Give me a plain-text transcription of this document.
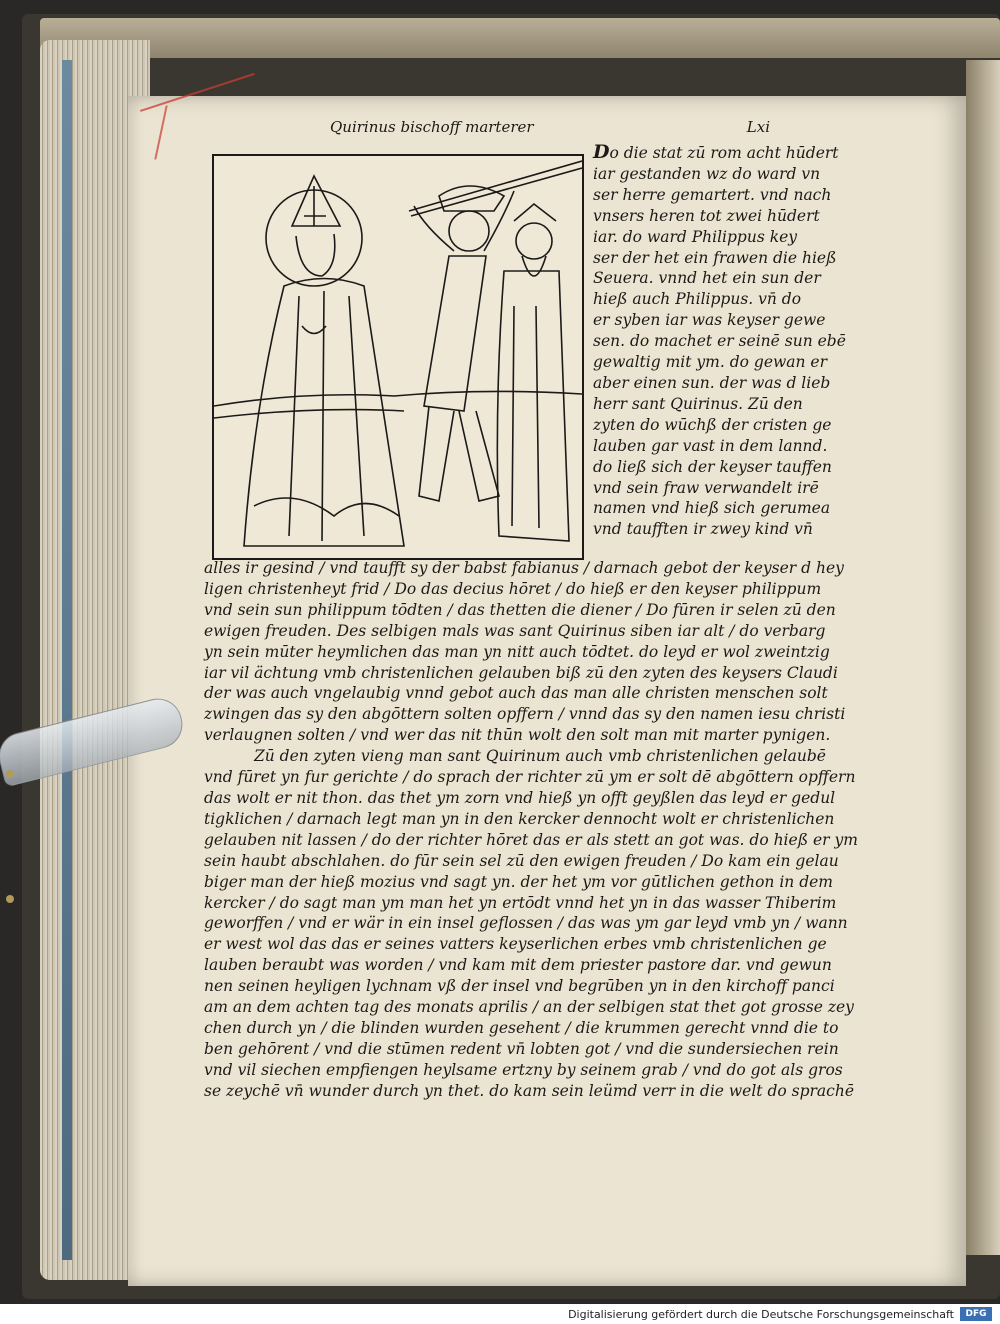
Quirinus bischoff marterer	Lxi
Do die stat zū rom acht hūdert
iar gestanden wz do ward vn
ser herre gemartert. vnd nach
vnsers heren tot zwei hūdert
iar. do ward Philippus key
ser der het ein frawen die hieß
Seuera. vnnd het ein sun der
hieß auch Philippus. vn̄ do
er syben iar was keyser gewe
sen. do machet er seinē sun ebē
gewaltig mit ym. do gewan er
aber einen sun. der was d lieb
herr sant Quirinus. Zū den
zyten do wūchß der cristen ge
lauben gar vast in dem lannd.
do ließ sich der keyser tauffen
vnd sein fraw verwandelt irē
namen vnd hieß sich gerumea
vnd taufften ir zwey kind vn̄
alles ir gesind / vnd taufft sy der babst fabianus / darnach gebot der keyser d hey
ligen christenheyt frid / Do das decius hōret / do hieß er den keyser philippum
vnd sein sun philippum tōdten / das thetten die diener / Do fūren ir selen zū den
ewigen freuden. Des selbigen mals was sant Quirinus siben iar alt / do verbarg
yn sein mūter heymlichen das man yn nitt auch tōdtet. do leyd er wol zweintzig
iar vil ächtung vmb christenlichen gelauben biß zū den zyten des keysers Claudi
der was auch vngelaubig vnnd gebot auch das man alle christen menschen solt
zwingen das sy den abgōttern solten opffern / vnnd das sy den namen iesu christi
verlaugnen solten / vnd wer das nit thūn wolt den solt man mit marter pynigen.
Zū den zyten vieng man sant Quirinum auch vmb christenlichen gelaubē
vnd fūret yn fur gerichte / do sprach der richter zū ym er solt dē abgōttern opffern
das wolt er nit thon. das thet ym zorn vnd hieß yn offt geyßlen das leyd er gedul
tigklichen / darnach legt man yn in den kercker dennocht wolt er christenlichen
gelauben nit lassen / do der richter hōret das er als stett an got was. do hieß er ym
sein haubt abschlahen. do fūr sein sel zū den ewigen freuden / Do kam ein gelau
biger man der hieß mozius vnd sagt yn. der het ym vor gūtlichen gethon in dem
kercker / do sagt man ym man het yn ertōdt vnnd het yn in das wasser Thiberim
geworffen / vnd er wär in ein insel geflossen / das was ym gar leyd vmb yn / wann
er west wol das das er seines vatters keyserlichen erbes vmb christenlichen ge
lauben beraubt was worden / vnd kam mit dem priester pastore dar. vnd gewun
nen seinen heyligen lychnam vß der insel vnd begrūben yn in den kirchoff panci
am an dem achten tag des monats aprilis / an der selbigen stat thet got grosse zey
chen durch yn / die blinden wurden gesehent / die krummen gerecht vnnd die to
ben gehōrent / vnd die stūmen redent vn̄ lobten got / vnd die sundersiechen rein
vnd vil siechen empfiengen heylsame ertzny by seinem grab / vnd do got als gros
se zeychē vn̄ wunder durch yn thet. do kam sein leümd verr in die welt do sprachē
Digitalisierung gefördert durch die Deutsche Forschungsgemeinschaft	DFG
